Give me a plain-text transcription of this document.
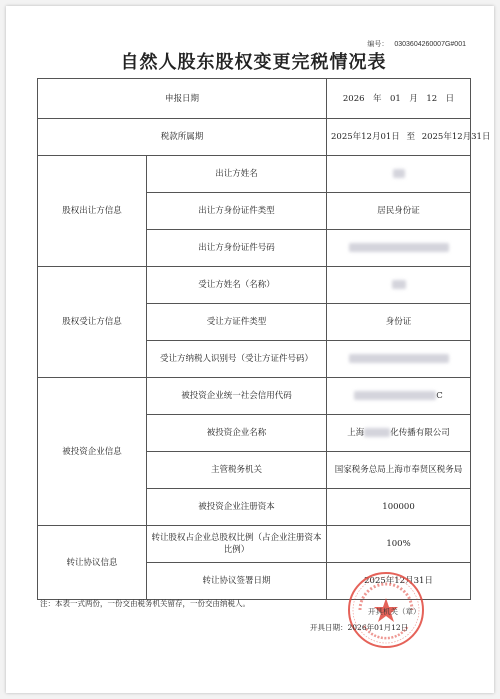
编号： 0303604260007G#001
自然人股东股权变更完税情况表
申报日期		2026　年　01　月　12　日
税款所属期		2025年12月01日 至 2025年12月31日
股权出让方信息	出让方姓名	
	出让方身份证件类型	居民身份证
	出让方身份证件号码	
股权受让方信息	受让方姓名（名称）	
	受让方证件类型	身份证
	受让方纳税人识别号（受让方证件号码）	
被投资企业信息	被投资企业统一社会信用代码	C
	被投资企业名称	上海 化传播有限公司
	主管税务机关	国家税务总局上海市奉贤区税务局
	被投资企业注册资本	100000
转让协议信息	转让股权占企业总股权比例（占企业注册资本比例）	100%
	转让协议签署日期	2025年12月31日
注：本表一式两份，一份交由税务机关留存，一份交由纳税人。
开具机关（章）
开具日期：2026年01月12日
